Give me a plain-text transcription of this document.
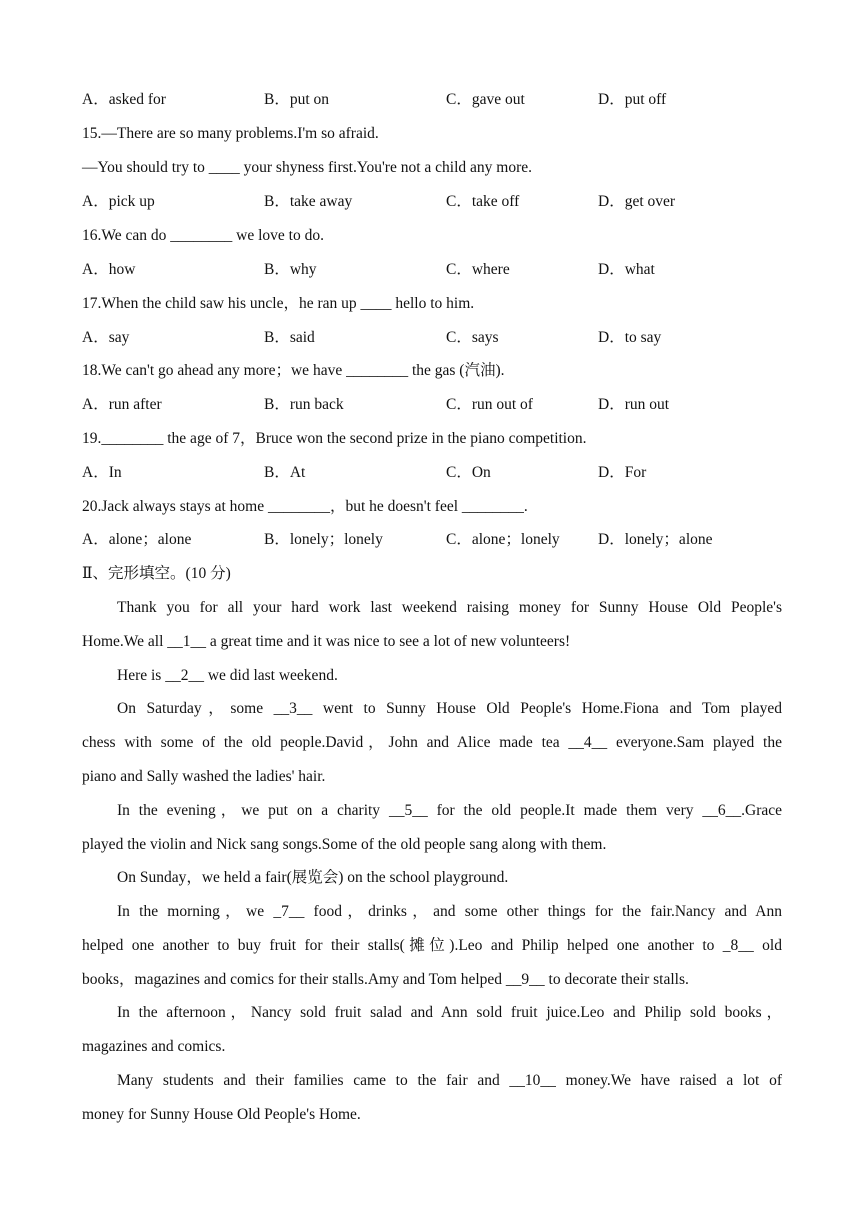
A．asked for	B．put on	C．gave out	D．put off
15.—There are so many problems.I'm so afraid.
—You should try to ____ your shyness first.You're not a child any more.
A．pick up	B．take away	C．take off	D．get over
16.We can do ________ we love to do.
A．how	B．why	C．where	D．what
17.When the child saw his uncle，he ran up ____ hello to him.
A．say	B．said	C．says	D．to say
18.We can't go ahead any more；we have ________ the gas (汽油).
A．run after	B．run back	C．run out of	D．run out
19.________ the age of 7，Bruce won the second prize in the piano competition.
A．In	B．At	C．On	D．For
20.Jack always stays at home ________，but he doesn't feel ________.
A．alone；alone	B．lonely；lonely	C．alone；lonely D．lonely；alone
Ⅱ、完形填空。(10 分)
Thank you for all your hard work last weekend raising money for Sunny House Old People's
Home.We all __1__ a great time and it was nice to see a lot of new volunteers!
Here is __2__ we did last weekend.
On Saturday，some __3__ went to Sunny House Old People's Home.Fiona and Tom played
chess with some of the old people.David，John and Alice made tea __4__ everyone.Sam played the
piano and Sally washed the ladies' hair.
In the evening，we put on a charity __5__ for the old people.It made them very __6__.Grace
played the violin and Nick sang songs.Some of the old people sang along with them.
On Sunday，we held a fair(展览会) on the school playground.
In the morning，we _7__ food，drinks，and some other things for the fair.Nancy and Ann
helped one another to buy fruit for their stalls(摊位).Leo and Philip helped one another to _8__ old
books，magazines and comics for their stalls.Amy and Tom helped __9__ to decorate their stalls.
In the afternoon，Nancy sold fruit salad and Ann sold fruit juice.Leo and Philip sold books，
magazines and comics.
Many students and their families came to the fair and __10__ money.We have raised a lot of
money for Sunny House Old People's Home.
